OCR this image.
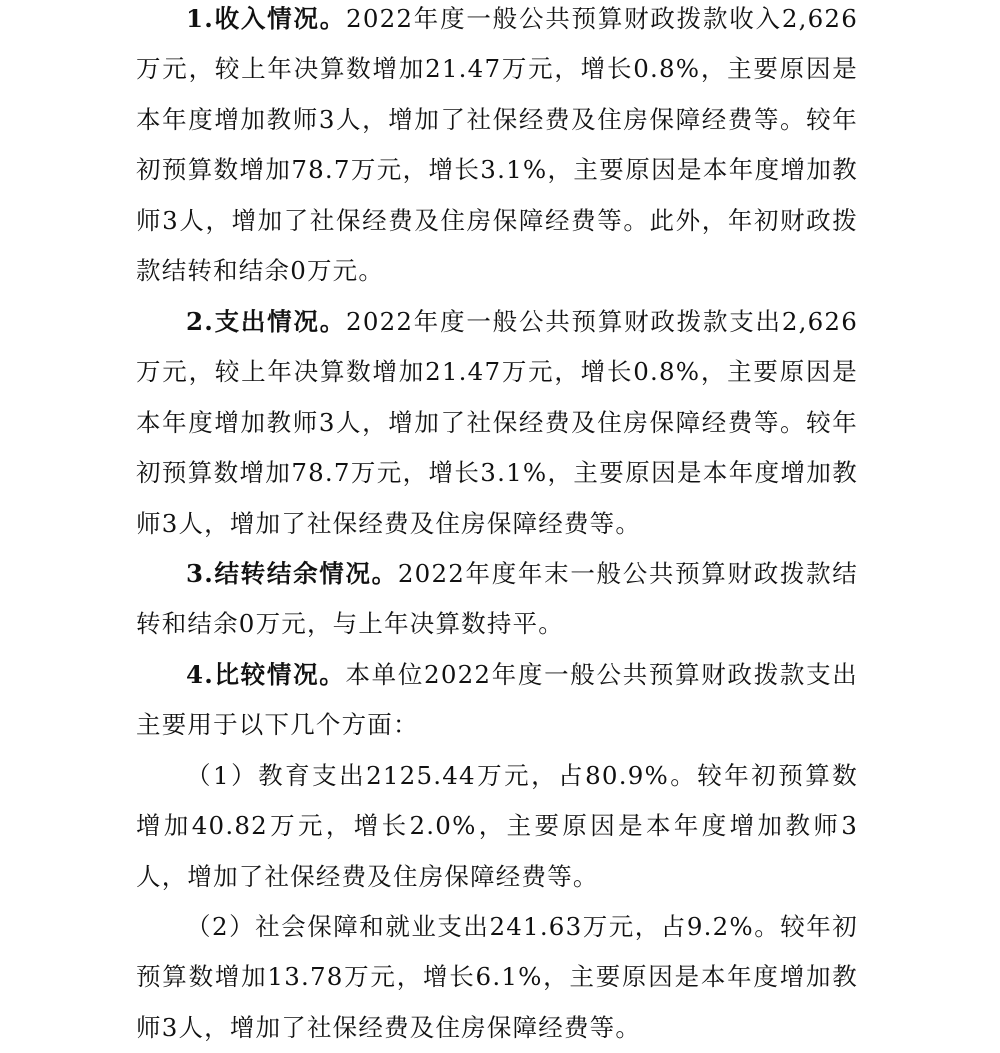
1.收入情况。2022年度一般公共预算财政拨款收入2,626万元，较上年决算数增加21.47万元，增长0.8%，主要原因是本年度增加教师3人，增加了社保经费及住房保障经费等。较年初预算数增加78.7万元，增长3.1%，主要原因是本年度增加教师3人，增加了社保经费及住房保障经费等。此外，年初财政拨款结转和结余0万元。

2.支出情况。2022年度一般公共预算财政拨款支出2,626万元，较上年决算数增加21.47万元，增长0.8%，主要原因是本年度增加教师3人，增加了社保经费及住房保障经费等。较年初预算数增加78.7万元，增长3.1%，主要原因是本年度增加教师3人，增加了社保经费及住房保障经费等。

3.结转结余情况。2022年度年末一般公共预算财政拨款结转和结余0万元，与上年决算数持平。

4.比较情况。本单位2022年度一般公共预算财政拨款支出主要用于以下几个方面：

（1）教育支出2125.44万元，占80.9%。较年初预算数增加40.82万元，增长2.0%，主要原因是本年度增加教师3人，增加了社保经费及住房保障经费等。

（2）社会保障和就业支出241.63万元，占9.2%。较年初预算数增加13.78万元，增长6.1%，主要原因是本年度增加教师3人，增加了社保经费及住房保障经费等。
